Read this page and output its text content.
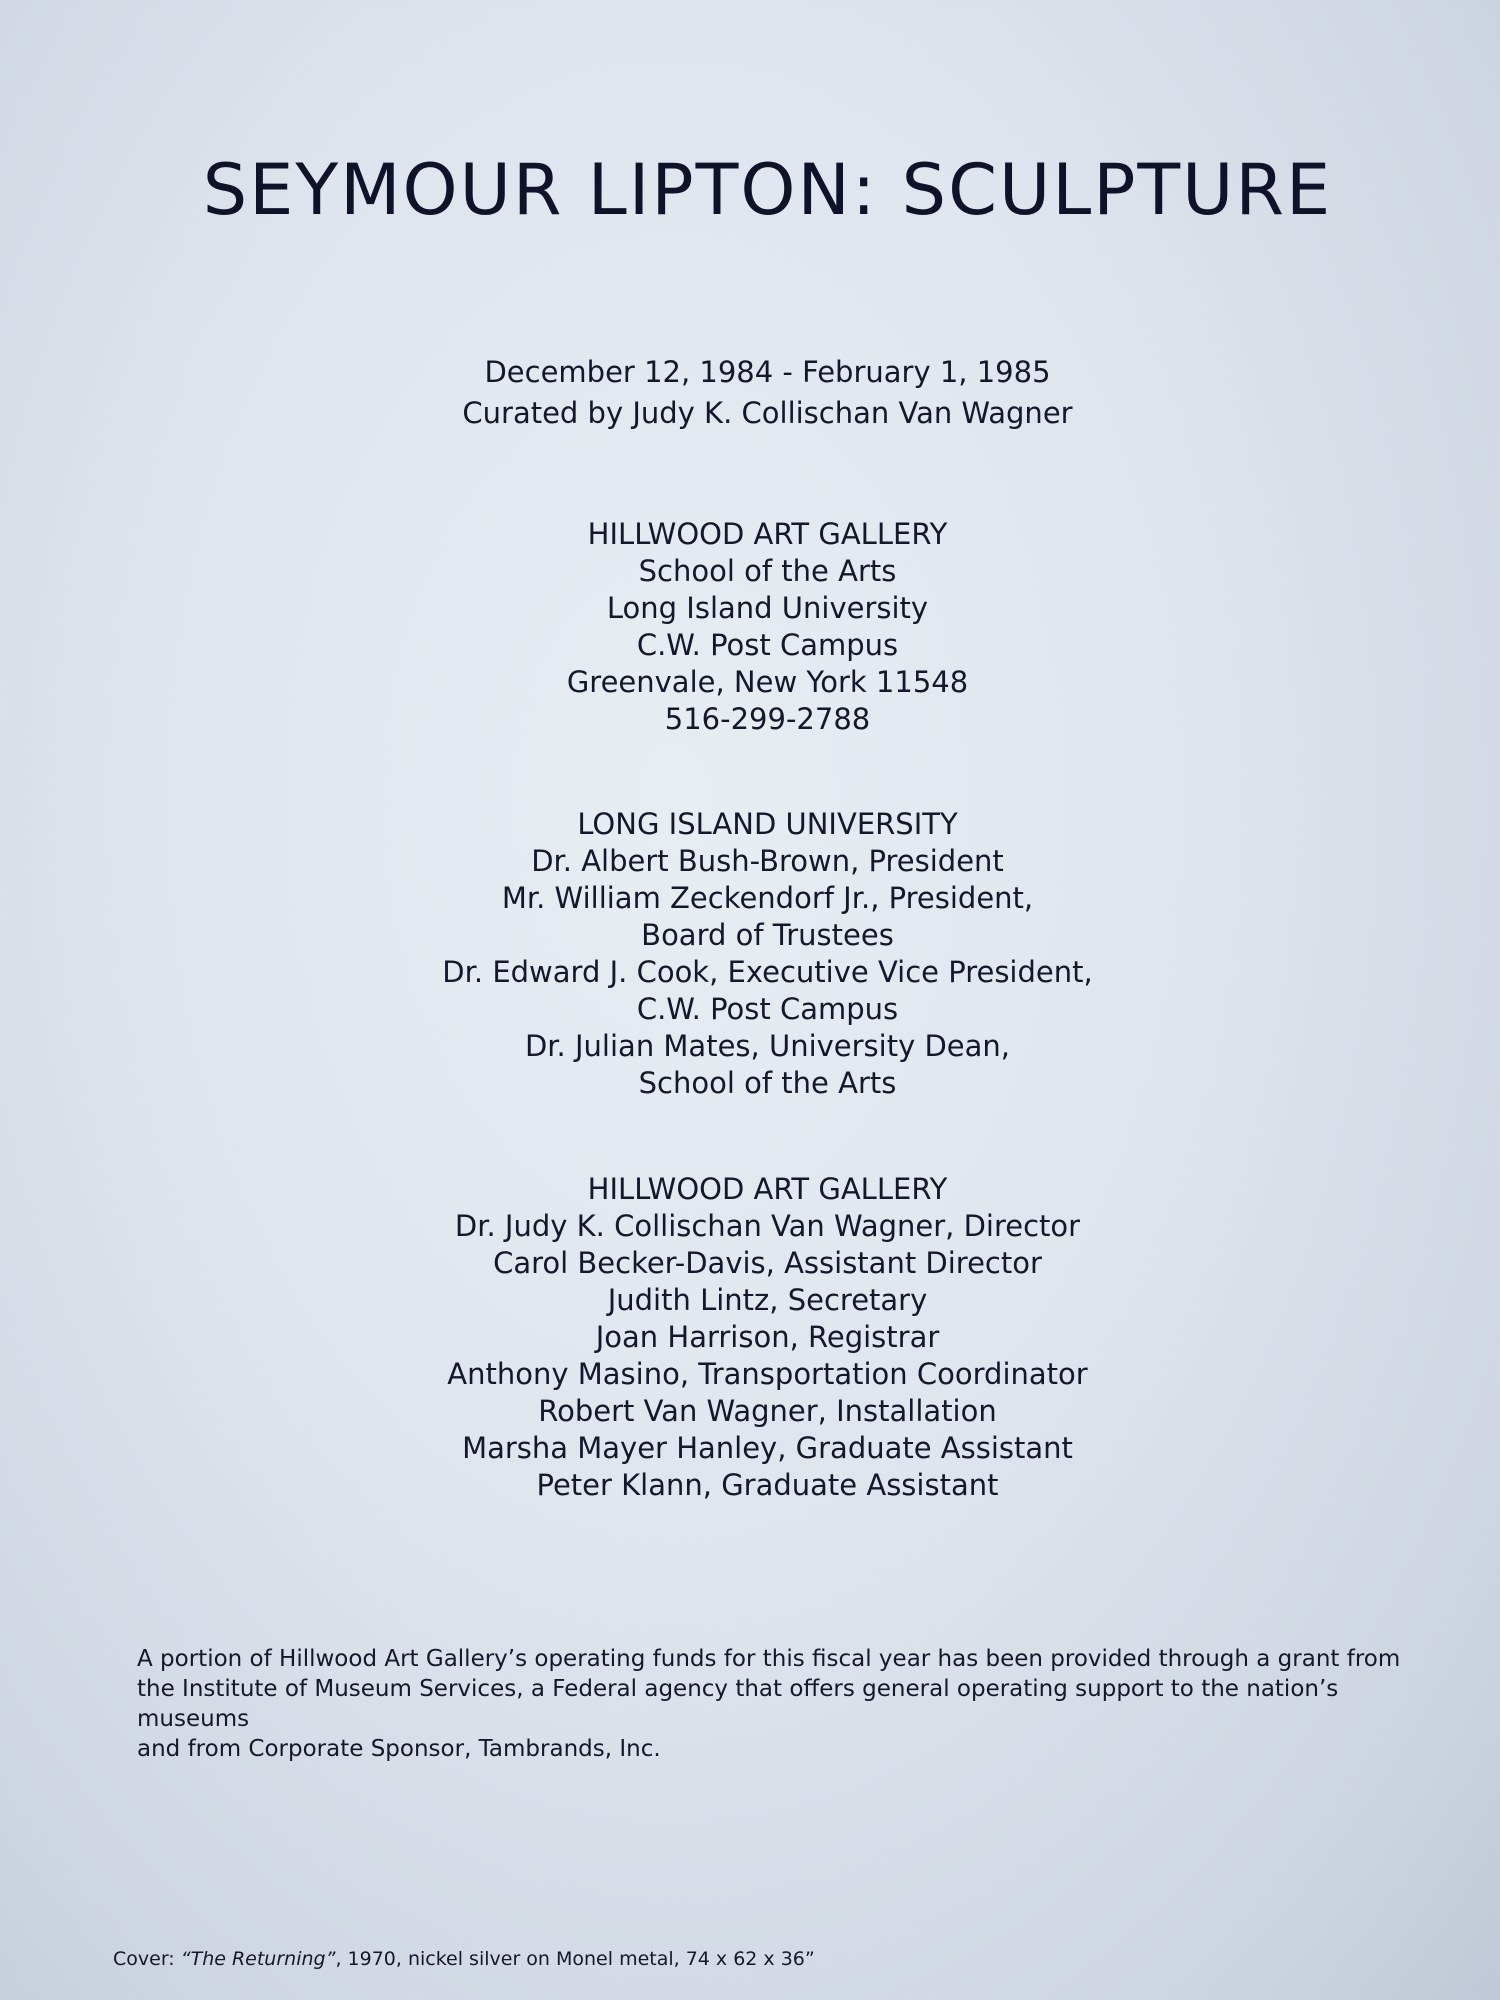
SEYMOUR LIPTON: SCULPTURE
December 12, 1984 - February 1, 1985
Curated by Judy K. Collischan Van Wagner
HILLWOOD ART GALLERY
School of the Arts
Long Island University
C.W. Post Campus
Greenvale, New York 11548
516-299-2788
LONG ISLAND UNIVERSITY
Dr. Albert Bush-Brown, President
Mr. William Zeckendorf Jr., President,
Board of Trustees
Dr. Edward J. Cook, Executive Vice President,
C.W. Post Campus
Dr. Julian Mates, University Dean,
School of the Arts
HILLWOOD ART GALLERY
Dr. Judy K. Collischan Van Wagner, Director
Carol Becker-Davis, Assistant Director
Judith Lintz, Secretary
Joan Harrison, Registrar
Anthony Masino, Transportation Coordinator
Robert Van Wagner, Installation
Marsha Mayer Hanley, Graduate Assistant
Peter Klann, Graduate Assistant
A portion of Hillwood Art Gallery’s operating funds for this fiscal year has been provided through a grant from
the Institute of Museum Services, a Federal agency that offers general operating support to the nation’s museums
and from Corporate Sponsor, Tambrands, Inc.
Cover: “The Returning”, 1970, nickel silver on Monel metal, 74 x 62 x 36”
